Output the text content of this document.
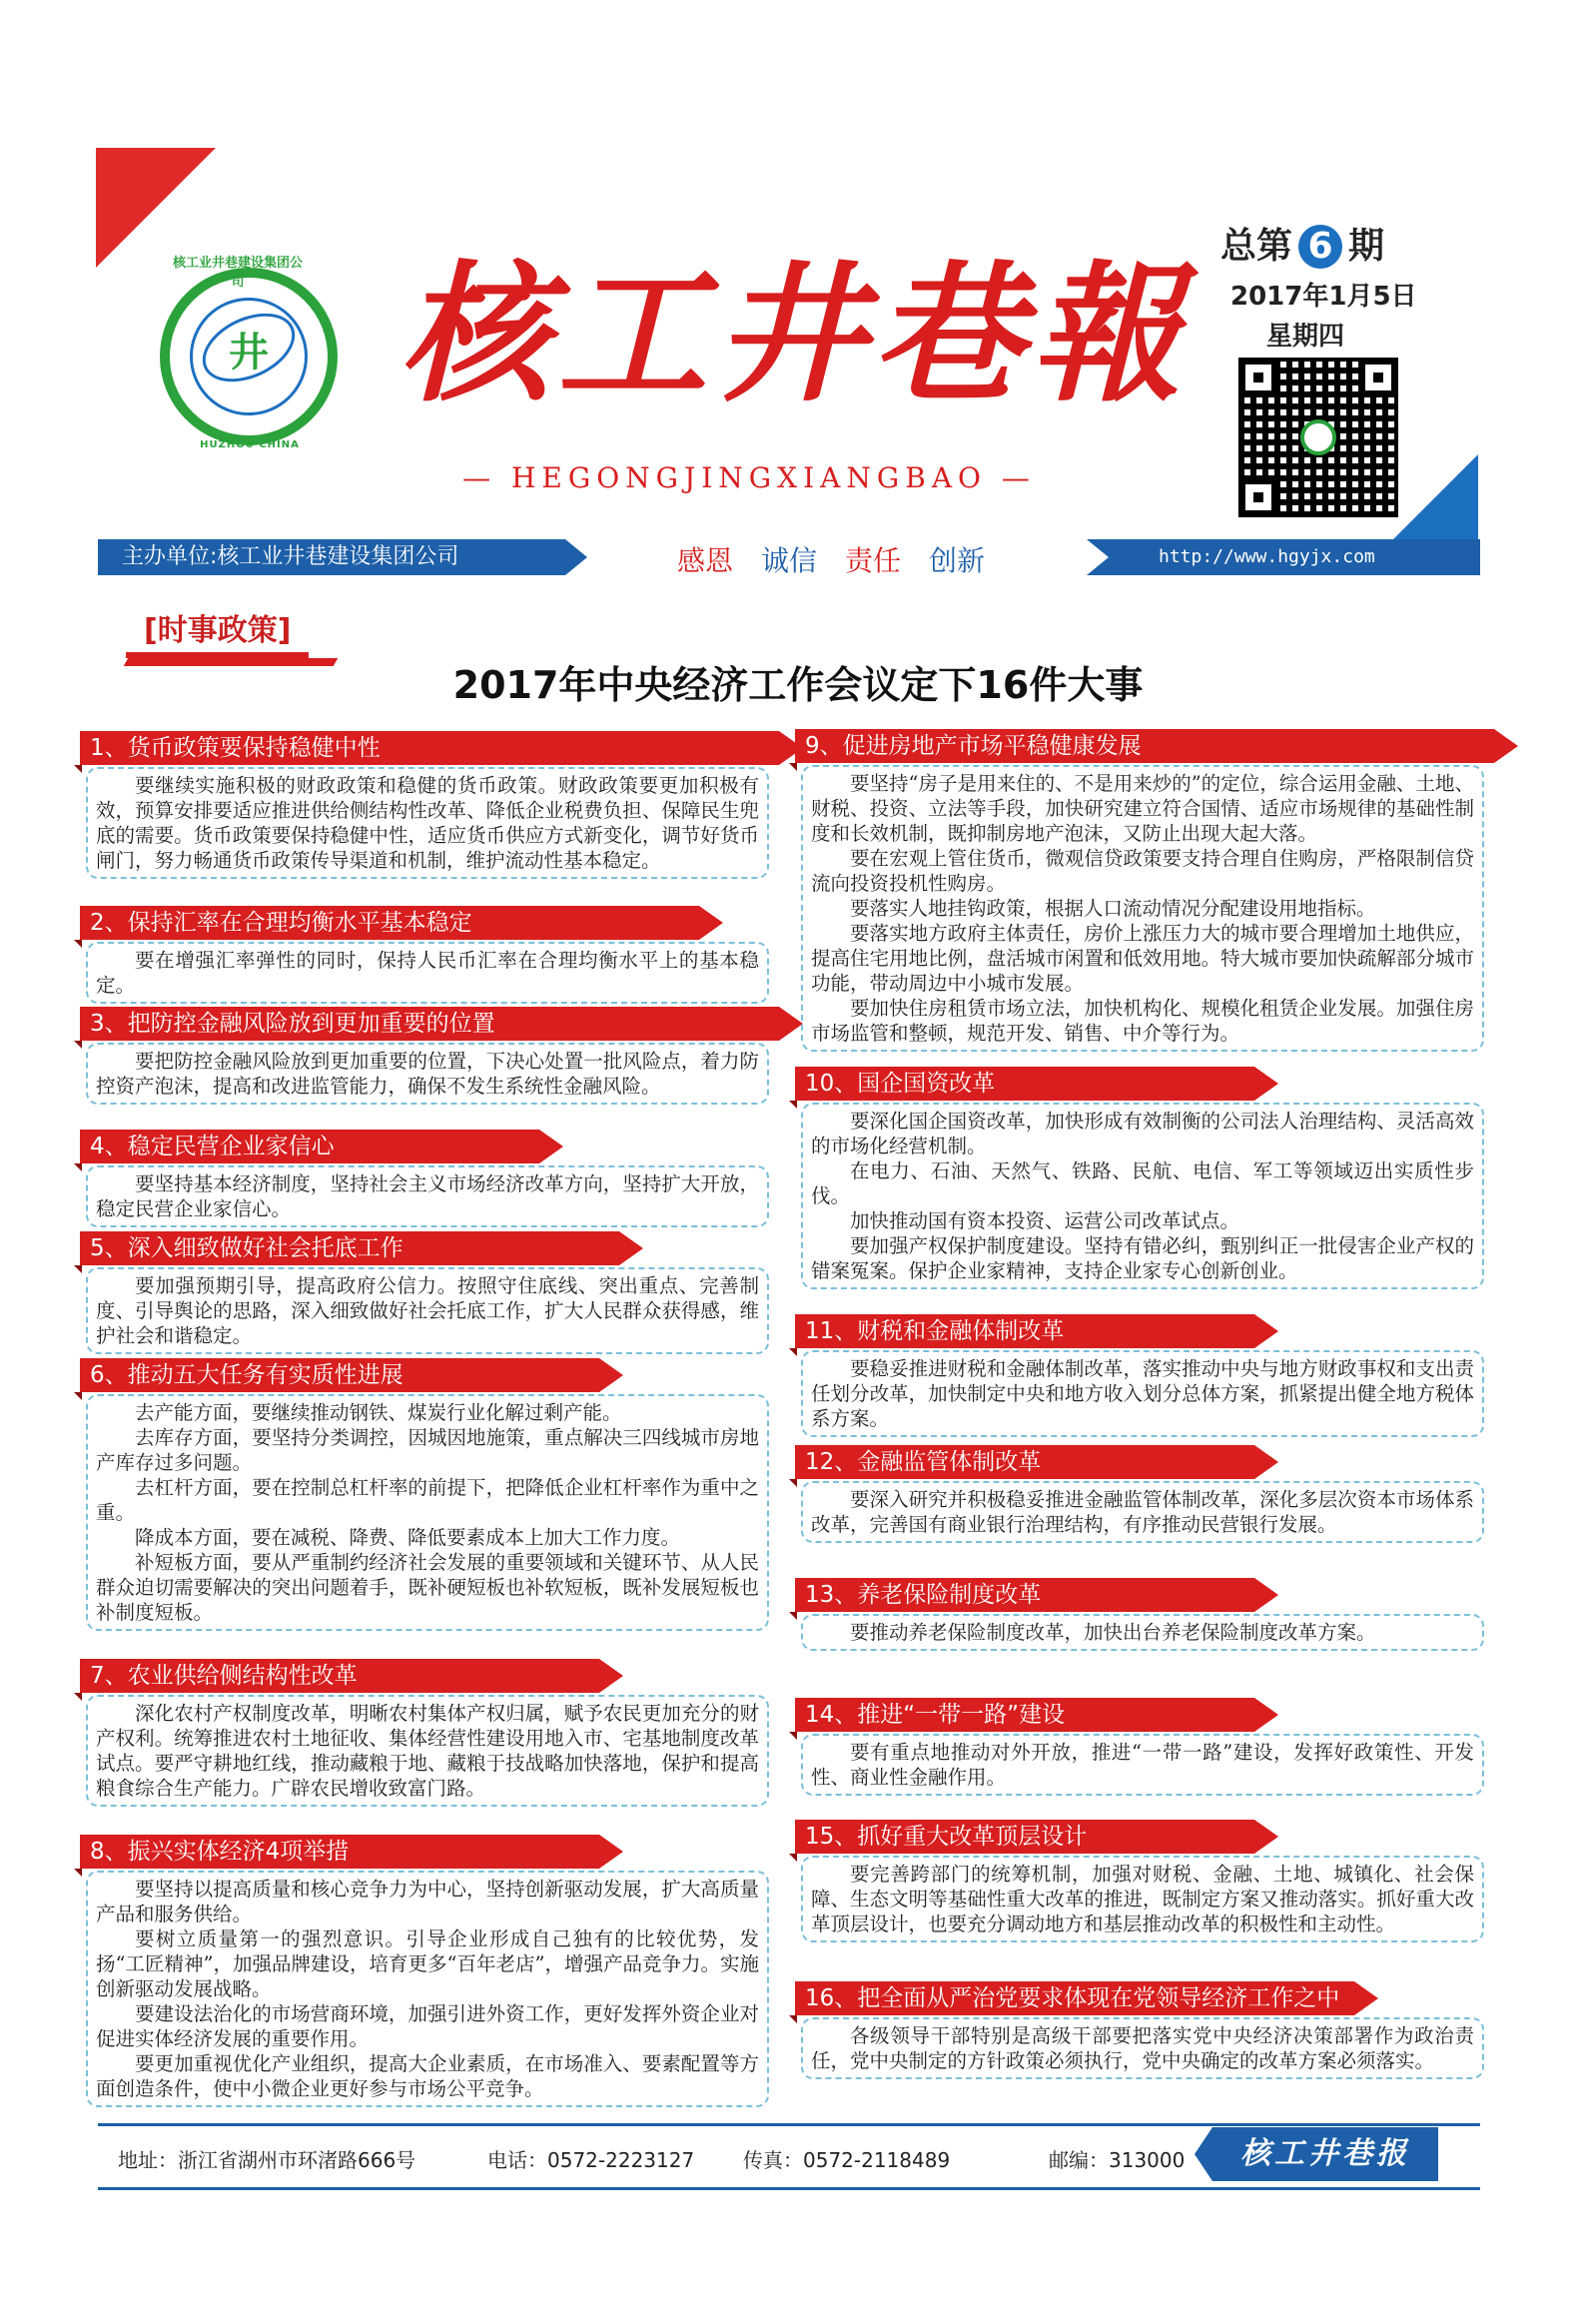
井
核工业井巷建设集团公司
HUZHOU CHINA
核工井巷報
— HEGONGJINGXIANGBAO —
总第 6 期
2017年1月5日
星期四
主办单位:核工业井巷建设集团公司	感恩 诚信 责任 创新	http://www.hgyjx.com
[时事政策]
2017年中央经济工作会议定下16件大事
1、货币政策要保持稳健中性

要继续实施积极的财政政策和稳健的货币政策。财政政策要更加积极有效，预算安排要适应推进供给侧结构性改革、降低企业税费负担、保障民生兜底的需要。货币政策要保持稳健中性，适应货币供应方式新变化，调节好货币闸门，努力畅通货币政策传导渠道和机制，维护流动性基本稳定。

2、保持汇率在合理均衡水平基本稳定

要在增强汇率弹性的同时，保持人民币汇率在合理均衡水平上的基本稳定。

3、把防控金融风险放到更加重要的位置

要把防控金融风险放到更加重要的位置，下决心处置一批风险点，着力防控资产泡沫，提高和改进监管能力，确保不发生系统性金融风险。

4、稳定民营企业家信心

要坚持基本经济制度，坚持社会主义市场经济改革方向，坚持扩大开放，稳定民营企业家信心。

5、深入细致做好社会托底工作

要加强预期引导，提高政府公信力。按照守住底线、突出重点、完善制度、引导舆论的思路，深入细致做好社会托底工作，扩大人民群众获得感，维护社会和谐稳定。

6、推动五大任务有实质性进展

去产能方面，要继续推动钢铁、煤炭行业化解过剩产能。

去库存方面，要坚持分类调控，因城因地施策，重点解决三四线城市房地产库存过多问题。

去杠杆方面，要在控制总杠杆率的前提下，把降低企业杠杆率作为重中之重。

降成本方面，要在减税、降费、降低要素成本上加大工作力度。

补短板方面，要从严重制约经济社会发展的重要领域和关键环节、从人民群众迫切需要解决的突出问题着手，既补硬短板也补软短板，既补发展短板也补制度短板。

7、农业供给侧结构性改革

深化农村产权制度改革，明晰农村集体产权归属，赋予农民更加充分的财产权利。统筹推进农村土地征收、集体经营性建设用地入市、宅基地制度改革试点。要严守耕地红线，推动藏粮于地、藏粮于技战略加快落地，保护和提高粮食综合生产能力。广辟农民增收致富门路。

8、振兴实体经济4项举措

要坚持以提高质量和核心竞争力为中心，坚持创新驱动发展，扩大高质量产品和服务供给。

要树立质量第一的强烈意识。引导企业形成自己独有的比较优势，发扬“工匠精神”，加强品牌建设，培育更多“百年老店”，增强产品竞争力。实施创新驱动发展战略。

要建设法治化的市场营商环境，加强引进外资工作，更好发挥外资企业对促进实体经济发展的重要作用。

要更加重视优化产业组织，提高大企业素质，在市场准入、要素配置等方面创造条件，使中小微企业更好参与市场公平竞争。

9、促进房地产市场平稳健康发展

要坚持“房子是用来住的、不是用来炒的”的定位，综合运用金融、土地、财税、投资、立法等手段，加快研究建立符合国情、适应市场规律的基础性制度和长效机制，既抑制房地产泡沫，又防止出现大起大落。

要在宏观上管住货币，微观信贷政策要支持合理自住购房，严格限制信贷流向投资投机性购房。

要落实人地挂钩政策，根据人口流动情况分配建设用地指标。

要落实地方政府主体责任，房价上涨压力大的城市要合理增加土地供应，提高住宅用地比例，盘活城市闲置和低效用地。特大城市要加快疏解部分城市功能，带动周边中小城市发展。

要加快住房租赁市场立法，加快机构化、规模化租赁企业发展。加强住房市场监管和整顿，规范开发、销售、中介等行为。

10、国企国资改革

要深化国企国资改革，加快形成有效制衡的公司法人治理结构、灵活高效的市场化经营机制。

在电力、石油、天然气、铁路、民航、电信、军工等领域迈出实质性步伐。

加快推动国有资本投资、运营公司改革试点。

要加强产权保护制度建设。坚持有错必纠，甄别纠正一批侵害企业产权的错案冤案。保护企业家精神，支持企业家专心创新创业。

11、财税和金融体制改革

要稳妥推进财税和金融体制改革，落实推动中央与地方财政事权和支出责任划分改革，加快制定中央和地方收入划分总体方案，抓紧提出健全地方税体系方案。

12、金融监管体制改革

要深入研究并积极稳妥推进金融监管体制改革，深化多层次资本市场体系改革，完善国有商业银行治理结构，有序推动民营银行发展。

13、养老保险制度改革

要推动养老保险制度改革，加快出台养老保险制度改革方案。

14、推进“一带一路”建设

要有重点地推动对外开放，推进“一带一路”建设，发挥好政策性、开发性、商业性金融作用。

15、抓好重大改革顶层设计

要完善跨部门的统筹机制，加强对财税、金融、土地、城镇化、社会保障、生态文明等基础性重大改革的推进，既制定方案又推动落实。抓好重大改革顶层设计，也要充分调动地方和基层推动改革的积极性和主动性。

16、把全面从严治党要求体现在党领导经济工作之中

各级领导干部特别是高级干部要把落实党中央经济决策部署作为政治责任，党中央制定的方针政策必须执行，党中央确定的改革方案必须落实。

地址：浙江省湖州市环渚路666号	电话：0572-2223127 传真：0572-2118489	邮编：313000	核工井巷报
